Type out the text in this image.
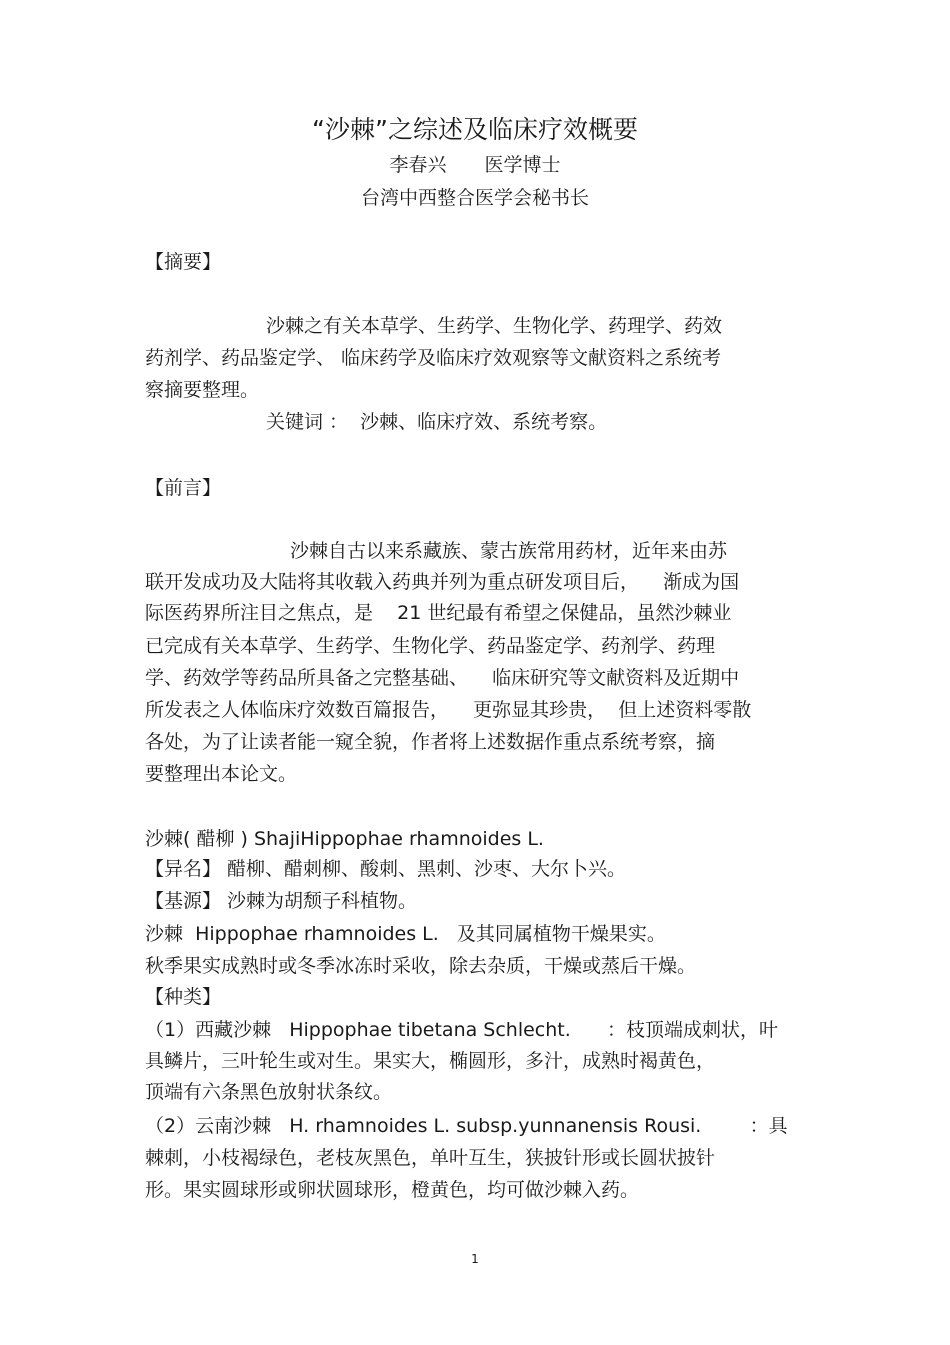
“沙棘”之综述及临床疗效概要
李春兴　　医学博士
台湾中西整合医学会秘书长
【摘要】
沙棘之有关本草学、生药学、生物化学、药理学、药效
药剂学、药品鉴定学、 临床药学及临床疗效观察等文献资料之系统考
察摘要整理。
关键词 ：  沙棘、临床疗效、系统考察。
【前言】
沙棘自古以来系藏族、蒙古族常用药材，近年来由苏
联开发成功及大陆将其收载入药典并列为重点研发项目后，    渐成为国
际医药界所注目之焦点，是    21 世纪最有希望之保健品，虽然沙棘业
已完成有关本草学、生药学、生物化学、药品鉴定学、药剂学、药理
学、药效学等药品所具备之完整基础、    临床研究等文献资料及近期中
所发表之人体临床疗效数百篇报告，    更弥显其珍贵，  但上述资料零散
各处，为了让读者能一窥全貌，作者将上述数据作重点系统考察，摘
要整理出本论文。
沙棘( 醋柳 ) ShajiHippophae rhamnoides L.
【异名】 醋柳、醋刺柳、酸刺、黑刺、沙枣、大尔卜兴。
【基源】 沙棘为胡颓子科植物。
沙棘  Hippophae rhamnoides L.   及其同属植物干燥果实。
秋季果实成熟时或冬季冰冻时采收，除去杂质，干燥或蒸后干燥。
【种类】
（1）西藏沙棘   Hippophae tibetana Schlecht.      ：枝顶端成刺状，叶
具鳞片，三叶轮生或对生。果实大，椭圆形，多汁，成熟时褐黄色，
顶端有六条黑色放射状条纹。
（2）云南沙棘   H. rhamnoides L. subsp.yunnanensis Rousi.        ：具
棘刺，小枝褐绿色，老枝灰黑色，单叶互生，狭披针形或长圆状披针
形。果实圆球形或卵状圆球形，橙黄色，均可做沙棘入药。
1
